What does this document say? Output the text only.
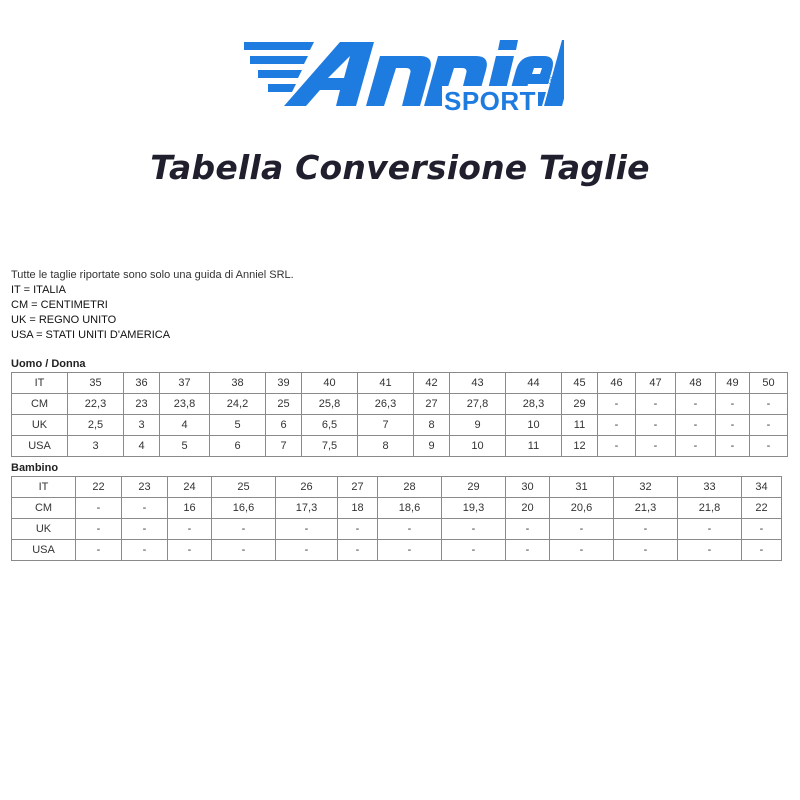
SPORT
®
Tabella Conversione Taglie
Tutte le taglie riportate sono solo una guida di Anniel SRL.
IT = ITALIA
CM = CENTIMETRI
UK = REGNO UNITO
USA = STATI UNITI D'AMERICA
Uomo / Donna
IT	35	36	37	38	39	40	41	42	43	44	45	46	47	48	49	50
CM	22,3	23	23,8	24,2	25	25,8	26,3	27	27,8	28,3	29	-	-	-	-	-
UK	2,5	3	4	5	6	6,5	7	8	9	10	11	-	-	-	-	-
USA	3	4	5	6	7	7,5	8	9	10	11	12	-	-	-	-	-
Bambino
IT	22	23	24	25	26	27	28	29	30	31	32	33	34
CM	-	-	16	16,6	17,3	18	18,6	19,3	20	20,6	21,3	21,8	22
UK	-	-	-	-	-	-	-	-	-	-	-	-	-
USA	-	-	-	-	-	-	-	-	-	-	-	-	-
